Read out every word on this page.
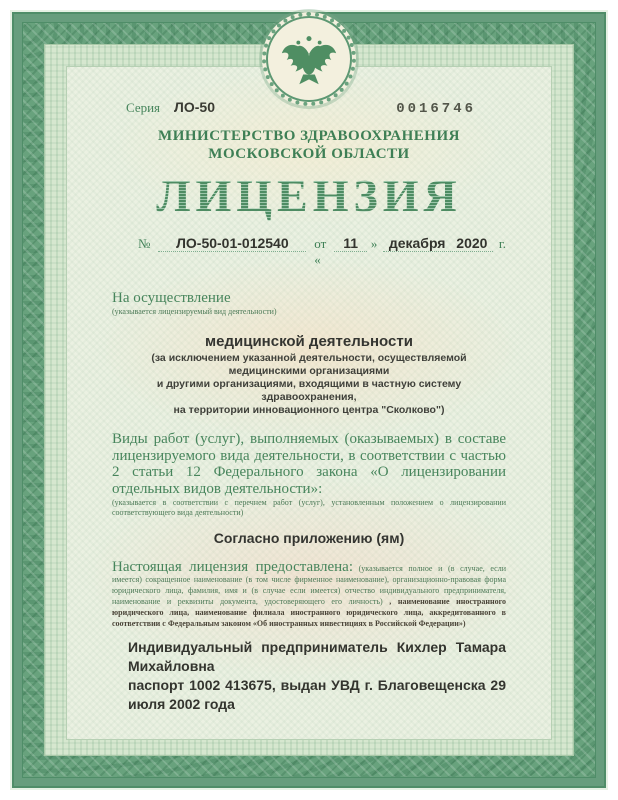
Серия ЛО-50	0016746
МИНИСТЕРСТВО ЗДРАВООХРАНЕНИЯ
МОСКОВСКОЙ ОБЛАСТИ
ЛИЦЕНЗИЯ
№	ЛО-50-01-012540	от «
11 » декабря 2020 г.
На осуществление
(указывается лицензируемый вид деятельности)
медицинской деятельности
(за исключением указанной деятельности, осуществляемой медицинскими организациями
и другими организациями, входящими в частную систему здравоохранения,
на территории инновационного центра "Сколково")

Виды работ (услуг), выполняемых (оказываемых) в составе лицензируемого вида деятельности, в соответствии с частью 2 статьи 12 Федерального закона «О лицензировании отдельных видов деятельности»:

(указывается в соответствии с перечнем работ (услуг), установленным положением о лицензировании соответствующего вида деятельности)
Согласно приложению (ям)
Настоящая лицензия предоставлена: (указывается полное и (в случае, если имеется) сокращенное наименование (в том числе фирменное наименование), организационно-правовая форма юридического лица, фамилия, имя и (в случае если имеется) отчество индивидуального предпринимателя, наименование и реквизиты документа, удостоверяющего его личность) , наименование иностранного юридического лица, наименование филиала иностранного юридического лица, аккредитованного в соответствии с Федеральным законом «Об иностранных инвестициях в Российской Федерации»)
Индивидуальный предприниматель Кихлер Тамара Михайловна
паспорт 1002 413675, выдан УВД г. Благовещенска 29 июля 2002 года
